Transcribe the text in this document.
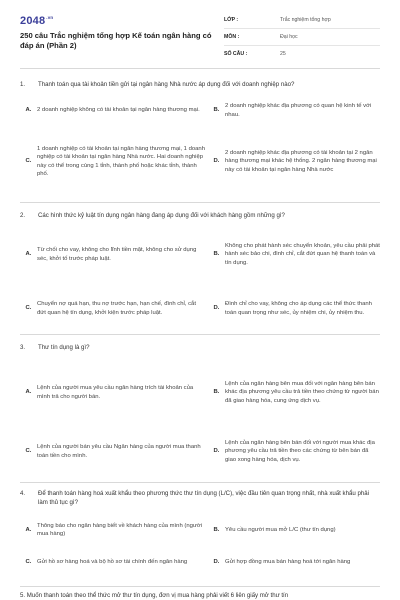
$2048^{.vn}$
250 câu Trắc nghiệm tổng hợp Kế toán ngân hàng có đáp án (Phần 2)
LỚP :	Trắc nghiệm tổng hợp
MÔN :	Đại học
SỐ CÂU :	25
1.	Thanh toán qua tài khoản tiền gửi tại ngân hàng Nhà nước áp dụng đối với doanh nghiệp nào?
A. 2 doanh nghiệp không có tài khoản tại ngân hàng thương mại.	B.
2 doanh nghiệp khác địa phương có quan hệ kinh tế với nhau.
C.
1 doanh nghiệp có tài khoản tại ngân hàng thương mại, 1 doanh nghiệp có tài khoản tại ngân hàng Nhà nước. Hai doanh nghiệp này có thể trong cùng 1 tỉnh, thành phố hoặc khác tỉnh, thành phố.
D.
2 doanh nghiệp khác địa phương có tài khoản tại 2 ngân hàng thương mại khác hệ thống. 2 ngân hàng thương mại này có tài khoản tại ngân hàng Nhà nước
2.	Các hình thức kỷ luật tín dụng ngân hàng đang áp dụng đối với khách hàng gồm những gì?
A.
Từ chối cho vay, không cho lĩnh tiền mặt, không cho sử dụng séc, khởi tố trước pháp luật.
B.
Không cho phát hành séc chuyển khoản, yêu cầu phải phát hành séc bảo chi, đình chỉ, cắt đứt quan hệ thanh toán và tín dụng.
C.
Chuyển nợ quá hạn, thu nợ trước hạn, hạn chế, đình chỉ, cắt đứt quan hệ tín dụng, khởi kiện trước pháp luật.
D.
Đình chỉ cho vay, không cho áp dụng các thể thức thanh toán quan trọng như séc, ủy nhiệm chi, ủy nhiệm thu.
3.	Thư tín dụng là gì?
A.
Lệnh của người mua yêu cầu ngân hàng trích tài khoản của mình trả cho người bán.
B.
Lệnh của ngân hàng bên mua đối với ngân hàng bên bán khác địa phương yêu cầu trả tiền theo chứng từ người bán đã giao hàng hóa, cung ứng dịch vụ.
C.
Lệnh của người bán yêu cầu Ngân hàng của người mua thanh toán tiền cho mình.
D.
Lệnh của ngân hàng bên bán đối với người mua khác địa phương yêu cầu trả tiền theo các chứng từ bên bán đã giao xong hàng hóa, dịch vụ.
4.	Để thanh toán hàng hoá xuất khẩu theo phương thức thư tín dụng (L/C), việc đầu tiên quan trọng nhất, nhà xuất khẩu phải làm thủ tục gì?
A.
Thông báo cho ngân hàng biết về khách hàng của mình (người mua hàng)
B. Yêu cầu người mua mở L/C (thư tín dụng)
C. Gửi hồ sơ hàng hoá và bộ hồ sơ tài chính đến ngân hàng	D. Gửi hợp đồng mua bán hàng hoá tới ngân hàng
5. Muốn thanh toán theo thể thức mở thư tín dụng, đơn vị mua hàng phải viết 6 liên giấy mở thư tín
